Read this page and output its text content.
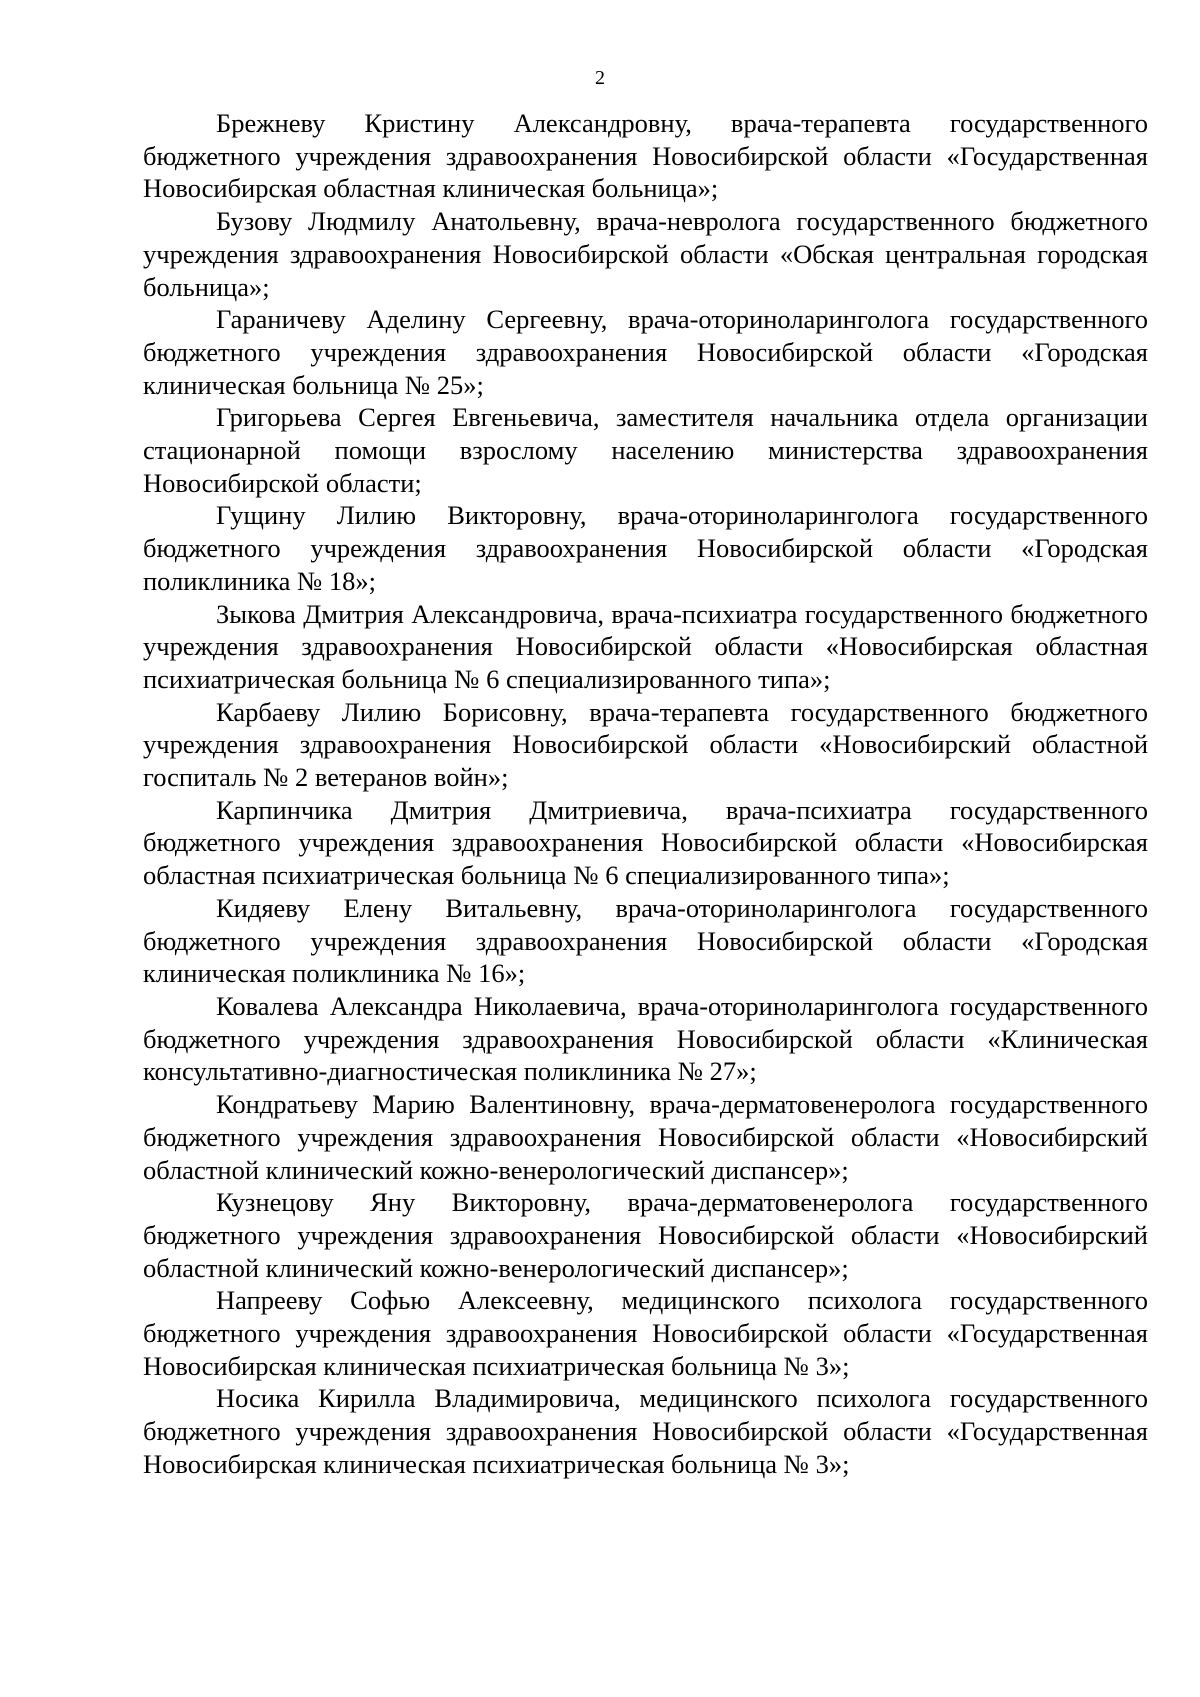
2

Брежневу Кристину Александровну, врача-терапевта государственного бюджетного учреждения здравоохранения Новосибирской области «Государственная Новосибирская областная клиническая больница»;

Бузову Людмилу Анатольевну, врача-невролога государственного бюджетного учреждения здравоохранения Новосибирской области «Обская центральная городская больница»;

Гараничеву Аделину Сергеевну, врача-оториноларинголога государственного бюджетного учреждения здравоохранения Новосибирской области «Городская клиническая больница № 25»;

Григорьева Сергея Евгеньевича, заместителя начальника отдела организации стационарной помощи взрослому населению министерства здравоохранения Новосибирской области;

Гущину Лилию Викторовну, врача-оториноларинголога государственного бюджетного учреждения здравоохранения Новосибирской области «Городская поликлиника № 18»;

Зыкова Дмитрия Александровича, врача-психиатра государственного бюджетного учреждения здравоохранения Новосибирской области «Новосибирская областная психиатрическая больница № 6 специализированного типа»;

Карбаеву Лилию Борисовну, врача-терапевта государственного бюджетного учреждения здравоохранения Новосибирской области «Новосибирский областной госпиталь № 2 ветеранов войн»;

Карпинчика Дмитрия Дмитриевича, врача-психиатра государственного бюджетного учреждения здравоохранения Новосибирской области «Новосибирская областная психиатрическая больница № 6 специализированного типа»;

Кидяеву Елену Витальевну, врача-оториноларинголога государственного бюджетного учреждения здравоохранения Новосибирской области «Городская клиническая поликлиника № 16»;

Ковалева Александра Николаевича, врача-оториноларинголога государственного бюджетного учреждения здравоохранения Новосибирской области «Клиническая консультативно-диагностическая поликлиника № 27»;

Кондратьеву Марию Валентиновну, врача-дерматовенеролога государственного бюджетного учреждения здравоохранения Новосибирской области «Новосибирский областной клинический кожно-венерологический диспансер»;

Кузнецову Яну Викторовну, врача-дерматовенеролога государственного бюджетного учреждения здравоохранения Новосибирской области «Новосибирский областной клинический кожно-венерологический диспансер»;

Напрееву Софью Алексеевну, медицинского психолога государственного бюджетного учреждения здравоохранения Новосибирской области «Государственная Новосибирская клиническая психиатрическая больница № 3»;

Носика Кирилла Владимировича, медицинского психолога государственного бюджетного учреждения здравоохранения Новосибирской области «Государственная Новосибирская клиническая психиатрическая больница № 3»;
